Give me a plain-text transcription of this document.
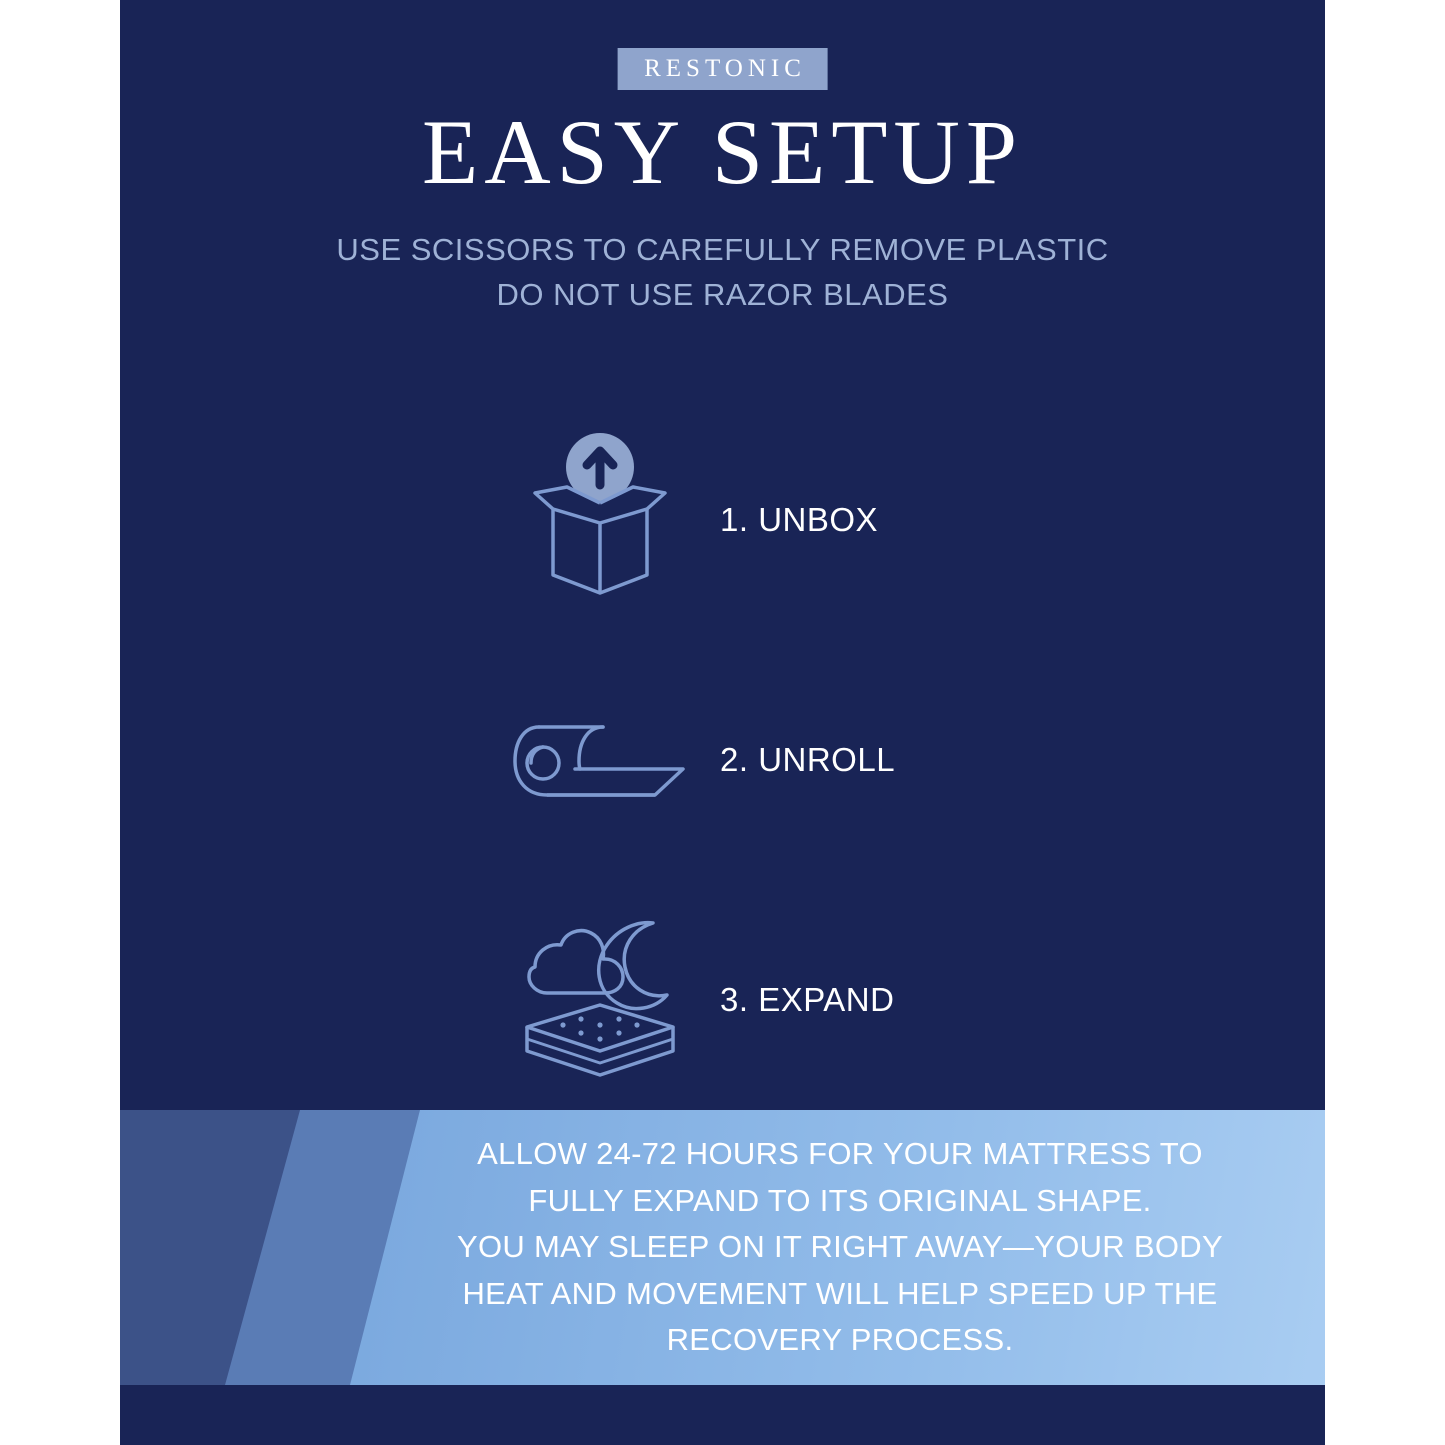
RESTONIC
EASY SETUP
USE SCISSORS TO CAREFULLY REMOVE PLASTIC
DO NOT USE RAZOR BLADES
1. UNBOX
2. UNROLL
3. EXPAND
ALLOW 24-72 HOURS FOR YOUR MATTRESS TO
FULLY EXPAND TO ITS ORIGINAL SHAPE.
YOU MAY SLEEP ON IT RIGHT AWAY—YOUR BODY
HEAT AND MOVEMENT WILL HELP SPEED UP THE
RECOVERY PROCESS.
